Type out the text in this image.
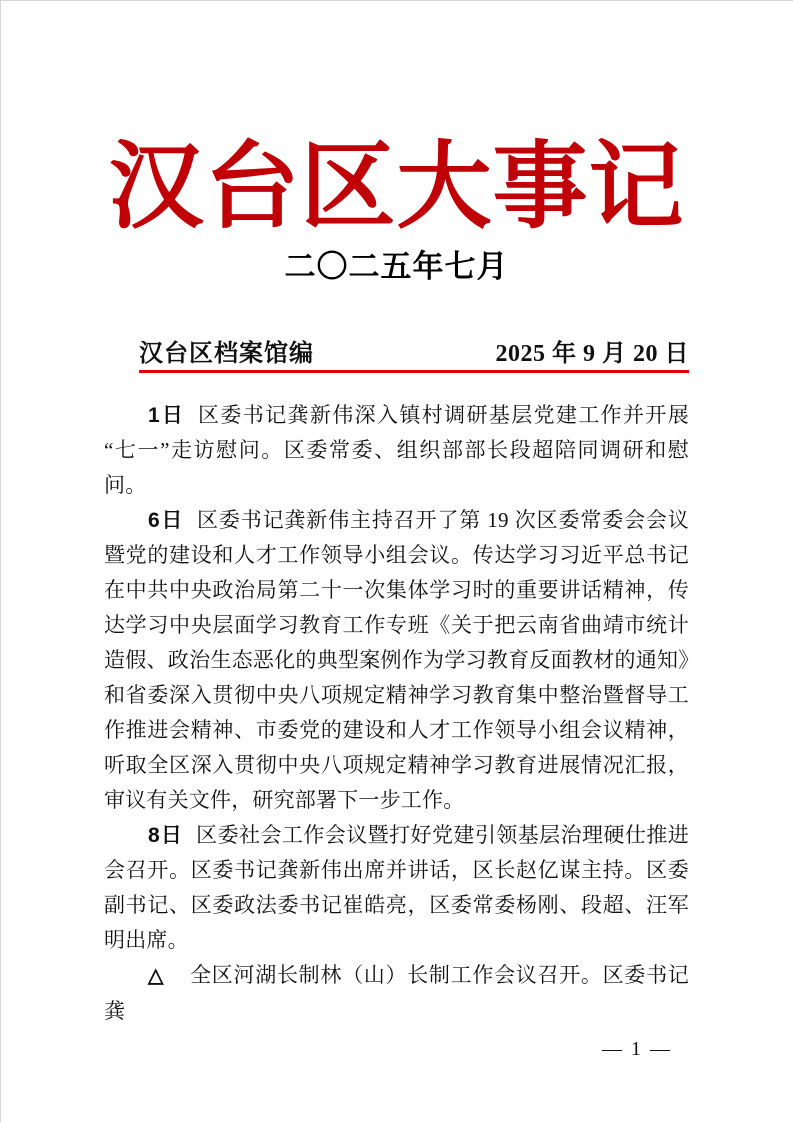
汉台区大事记
二〇二五年七月
汉台区档案馆编	2025 年 9 月 20 日

1日 区委书记龚新伟深入镇村调研基层党建工作并开展“七一”走访慰问。区委常委、组织部部长段超陪同调研和慰问。

6日 区委书记龚新伟主持召开了第 19 次区委常委会会议暨党的建设和人才工作领导小组会议。传达学习习近平总书记在中共中央政治局第二十一次集体学习时的重要讲话精神，传达学习中央层面学习教育工作专班《关于把云南省曲靖市统计造假、政治生态恶化的典型案例作为学习教育反面教材的通知》和省委深入贯彻中央八项规定精神学习教育集中整治暨督导工作推进会精神、市委党的建设和人才工作领导小组会议精神，听取全区深入贯彻中央八项规定精神学习教育进展情况汇报，审议有关文件，研究部署下一步工作。

8日 区委社会工作会议暨打好党建引领基层治理硬仕推进会召开。区委书记龚新伟出席并讲话，区长赵亿谋主持。区委副书记、区委政法委书记崔皓亮，区委常委杨刚、段超、汪军明出席。

△ 全区河湖长制林（山）长制工作会议召开。区委书记龚

— 1 —
